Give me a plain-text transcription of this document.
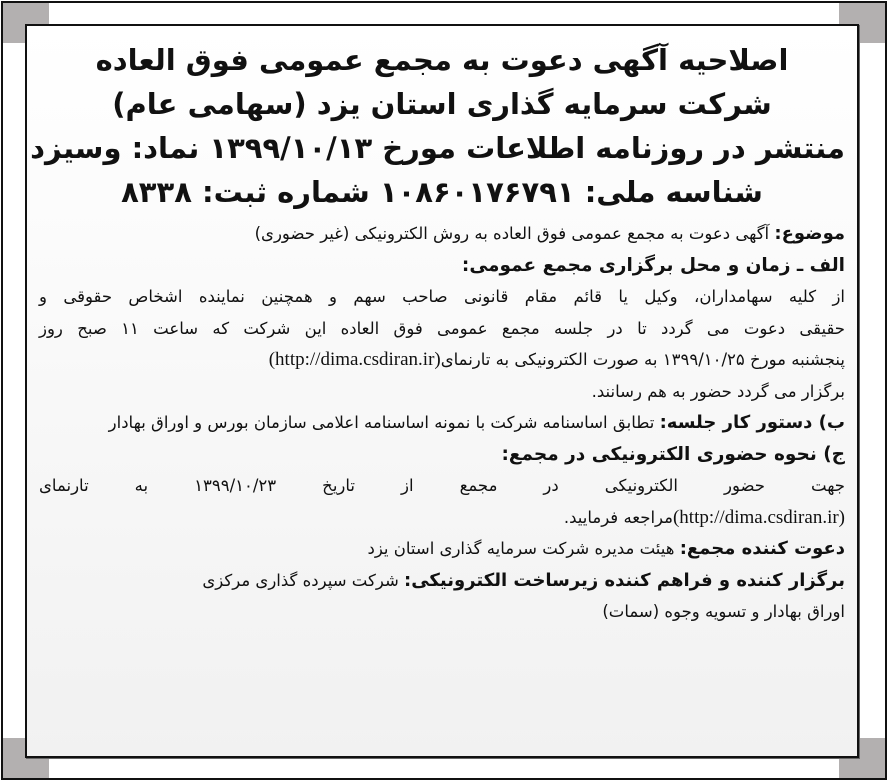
اصلاحیه آگهی دعوت به مجمع عمومی فوق العاده
شرکت سرمایه گذاری استان یزد (سهامی عام)
منتشر در روزنامه اطلاعات مورخ ۱۳۹۹/۱۰/۱۳ نماد: وسیزد
شناسه ملی: ۱۰۸۶۰۱۷۶۷۹۱ شماره ثبت: ۸۳۳۸
موضوع: آگهی دعوت به مجمع عمومی فوق العاده به روش الکترونیکی (غیر حضوری)
الف ـ زمان و محل برگزاری مجمع عمومی:
از کلیه سهامداران، وکیل یا قائم مقام قانونی صاحب سهم و همچنین نماینده اشخاص حقوقی و
حقیقی دعوت می گردد تا در جلسه مجمع عمومی فوق العاده این شرکت که ساعت ۱۱ صبح روز
پنجشنبه مورخ ۱۳۹۹/۱۰/۲۵ به صورت الکترونیکی به تارنمای(http://dima.csdiran.ir)
برگزار می گردد حضور به هم رسانند.
ب) دستور کار جلسه: تطابق اساسنامه شرکت با نمونه اساسنامه اعلامی سازمان بورس و اوراق بهادار
ج) نحوه حضوری الکترونیکی در مجمع:
جهت حضور الکترونیکی در مجمع از تاریخ ۱۳۹۹/۱۰/۲۳ به تارنمای
(http://dima.csdiran.ir)مراجعه فرمایید.
دعوت کننده مجمع: هیئت مدیره شرکت سرمایه گذاری استان یزد
برگزار کننده و فراهم کننده زیرساخت الکترونیکی: شرکت سپرده گذاری مرکزی
اوراق بهادار و تسویه وجوه (سمات)
